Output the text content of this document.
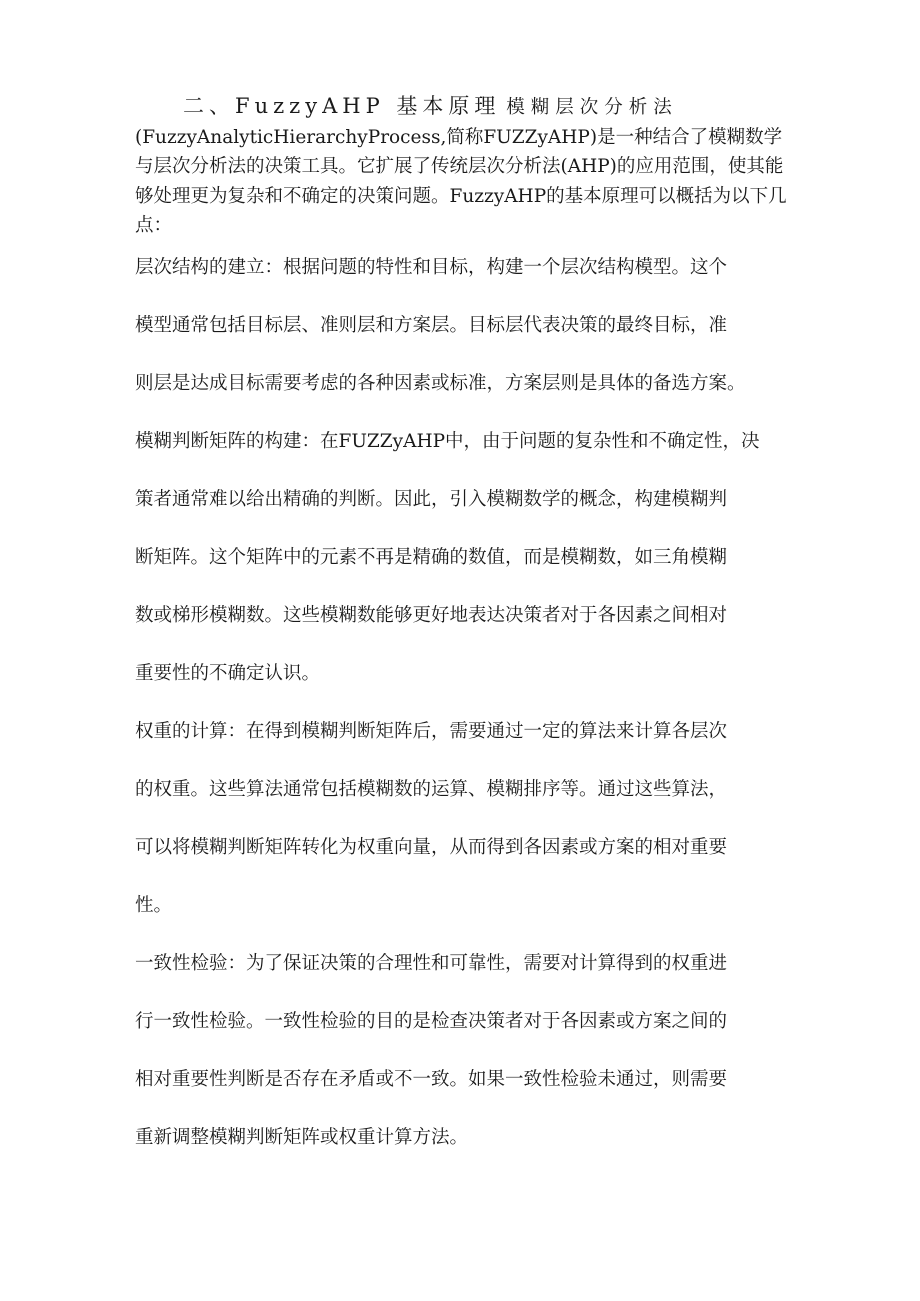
二、FuzzyAHP 基本原理 模糊层次分析法(FuzzyAnalyticHierarchyProcess,简称FUZZyAHP)是一种结合了模糊数学与层次分析法的决策工具。它扩展了传统层次分析法(AHP)的应用范围，使其能够处理更为复杂和不确定的决策问题。FuzzyAHP的基本原理可以概括为以下几点：

层次结构的建立：根据问题的特性和目标，构建一个层次结构模型。这个

模型通常包括目标层、准则层和方案层。目标层代表决策的最终目标，准

则层是达成目标需要考虑的各种因素或标准，方案层则是具体的备选方案。

模糊判断矩阵的构建：在FUZZyAHP中，由于问题的复杂性和不确定性，决

策者通常难以给出精确的判断。因此，引入模糊数学的概念，构建模糊判

断矩阵。这个矩阵中的元素不再是精确的数值，而是模糊数，如三角模糊

数或梯形模糊数。这些模糊数能够更好地表达决策者对于各因素之间相对

重要性的不确定认识。

权重的计算：在得到模糊判断矩阵后，需要通过一定的算法来计算各层次

的权重。这些算法通常包括模糊数的运算、模糊排序等。通过这些算法，

可以将模糊判断矩阵转化为权重向量，从而得到各因素或方案的相对重要

性。

一致性检验：为了保证决策的合理性和可靠性，需要对计算得到的权重进

行一致性检验。一致性检验的目的是检查决策者对于各因素或方案之间的

相对重要性判断是否存在矛盾或不一致。如果一致性检验未通过，则需要

重新调整模糊判断矩阵或权重计算方法。
